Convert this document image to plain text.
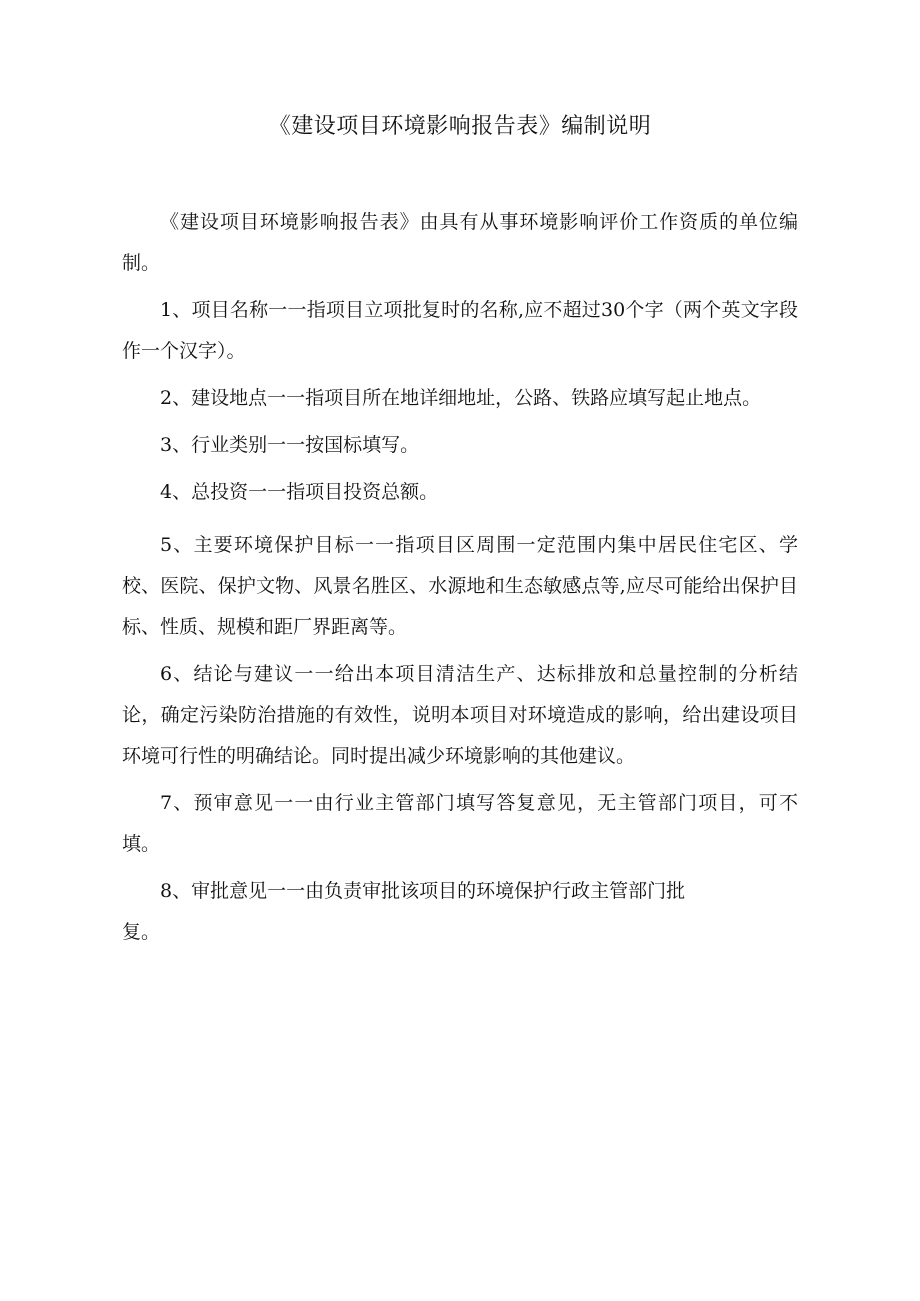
《建设项目环境影响报告表》编制说明

《建设项目环境影响报告表》由具有从事环境影响评价工作资质的单位编制。

1、项目名称一一指项目立项批复时的名称,应不超过30个字（两个英文字段作一个汉字）。

2、建设地点一一指项目所在地详细地址，公路、铁路应填写起止地点。

3、行业类别一一按国标填写。

4、总投资一一指项目投资总额。

5、主要环境保护目标一一指项目区周围一定范围内集中居民住宅区、学校、医院、保护文物、风景名胜区、水源地和生态敏感点等,应尽可能给出保护目标、性质、规模和距厂界距离等。

6、结论与建议一一给出本项目清洁生产、达标排放和总量控制的分析结论，确定污染防治措施的有效性，说明本项目对环境造成的影响，给出建设项目环境可行性的明确结论。同时提出减少环境影响的其他建议。

7、预审意见一一由行业主管部门填写答复意见，无主管部门项目，可不填。

8、审批意见一一由负责审批该项目的环境保护行政主管部门批

复。
